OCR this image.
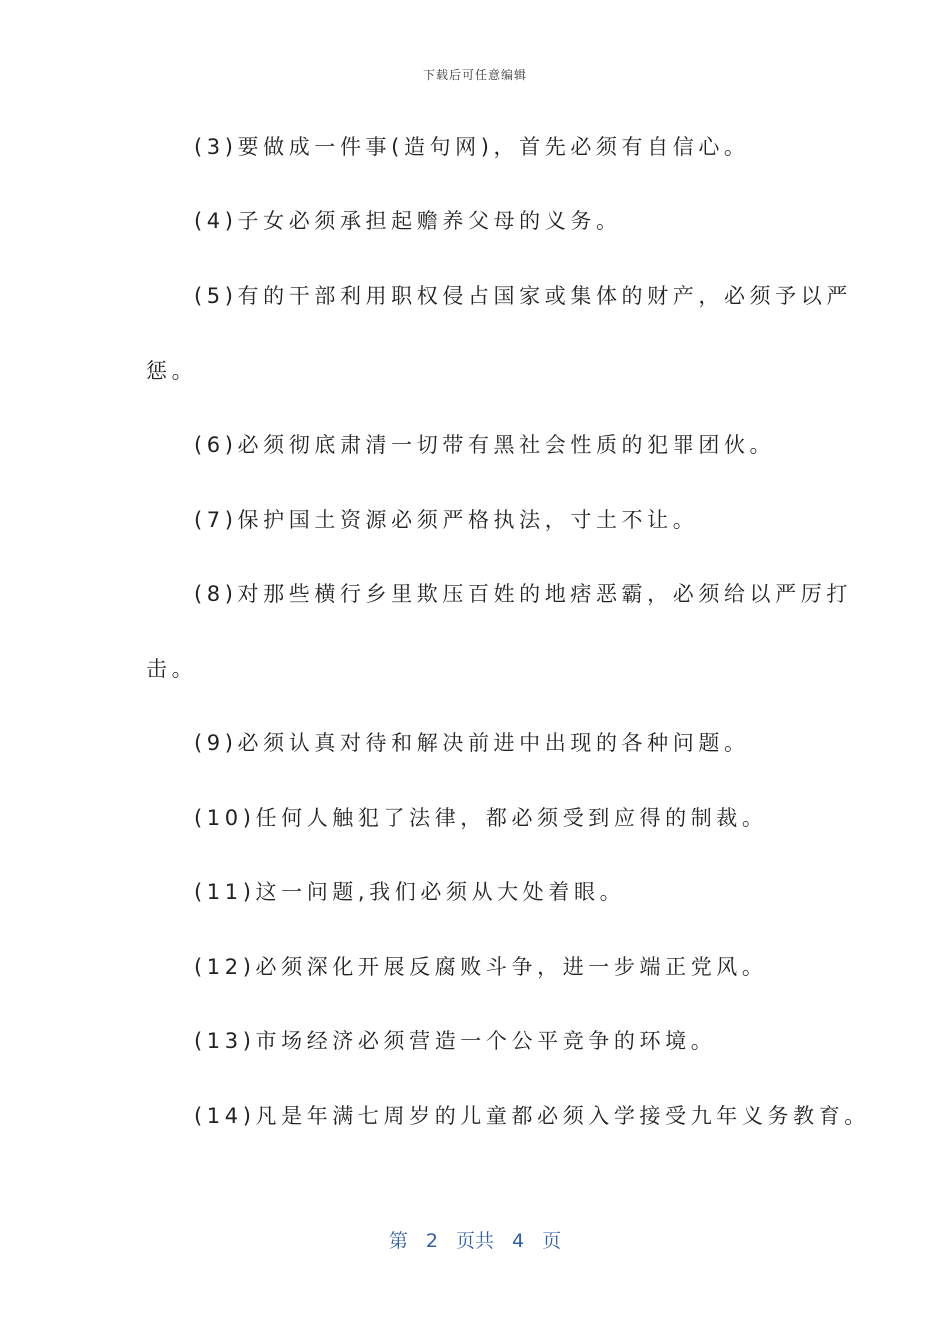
下载后可任意编辑
(3)要做成一件事(造句网)，首先必须有自信心。
(4)子女必须承担起赡养父母的义务。
(5)有的干部利用职权侵占国家或集体的财产，必须予以严
惩。
(6)必须彻底肃清一切带有黑社会性质的犯罪团伙。
(7)保护国土资源必须严格执法，寸土不让。
(8)对那些横行乡里欺压百姓的地痞恶霸，必须给以严厉打
击。
(9)必须认真对待和解决前进中出现的各种问题。
(10)任何人触犯了法律，都必须受到应得的制裁。
(11)这一问题,我们必须从大处着眼。
(12)必须深化开展反腐败斗争，进一步端正党风。
(13)市场经济必须营造一个公平竞争的环境。
(14)凡是年满七周岁的儿童都必须入学接受九年义务教育。
第 2 页共 4 页
